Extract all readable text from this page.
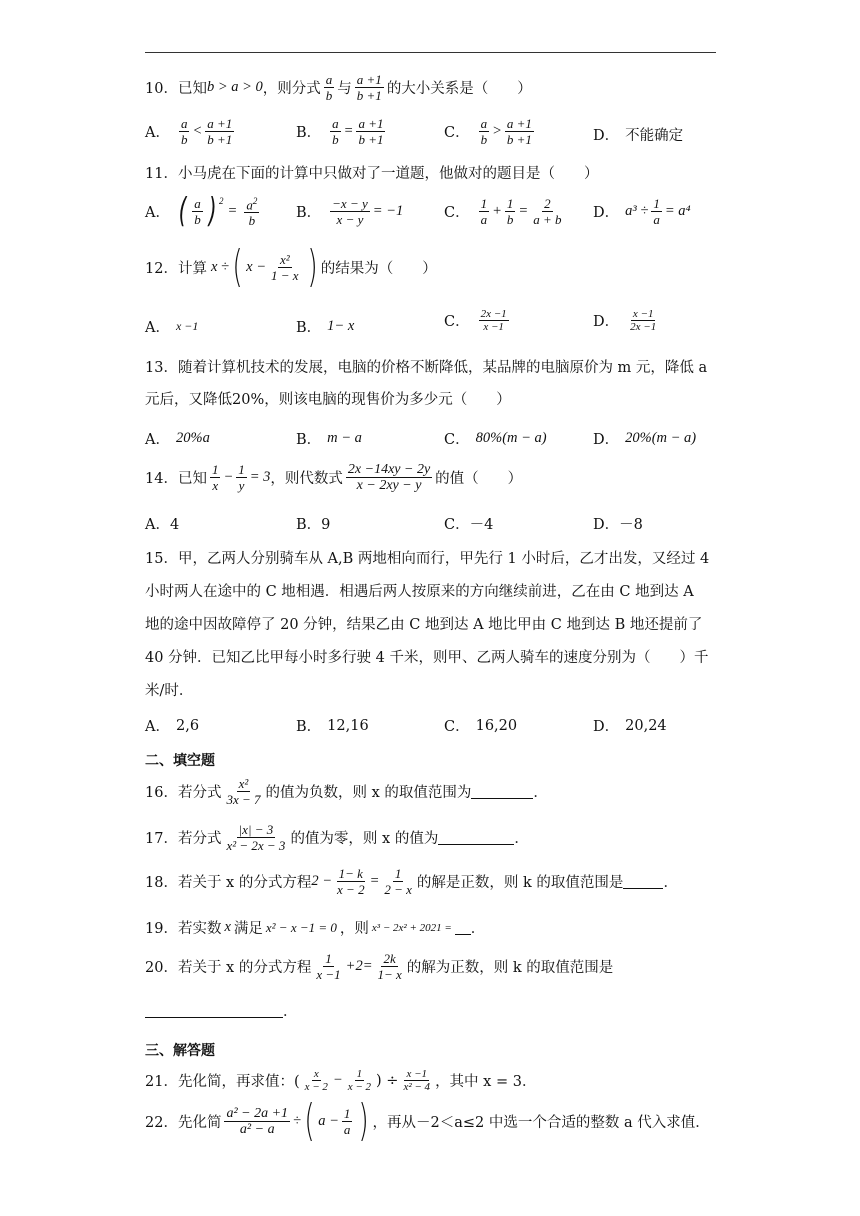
10．已知 b > a > 0 ，则分式 $\frac{a}{b}$ 与 $\frac{a +1}{b +1}$ 的大小关系是（　　）
A． $\frac{a}{b} < \frac{a +1}{b +1}$	B． $\frac{a}{b} = \frac{a +1}{b +1}$	C． $\frac{a}{b} > \frac{a +1}{b +1}$	D． 不能确定
11．小马虎在下面的计算中只做对了一道题，他做对的题目是（　　）
A． ( $\frac{a}{b}$ ) $^2$
= $\frac{a^2}{b}$	B． $\frac{-x - y}{x - y} = -1$	C． $\frac{1}{a} + \frac{1}{b} = \frac{2}{a + b}$ D． $a^3 \div \frac{1}{a} = a^4$
12．计算 x ÷ ( $x - \frac{\text{x²}}{1 - x}$ ) 的结果为（　　）
A． x −1	B． 1− x	C． $\frac{2x -1}{x -1}$	D． $\frac{x -1}{2x -1}$
13．随着计算机技术的发展，电脑的价格不断降低，某品牌的电脑原价为 m 元，降低 a
元后，又降低20%，则该电脑的现售价为多少元（　　）
A． 20%a	B． m − a	C． 80%(m − a)	D． 20%(m − a)
14．已知 $\frac{1}{x} - \frac{1}{y} = 3$ ，则代数式 $\frac{2x -14xy - 2y}{x - 2xy - y}$ 的值（　　）
A．4	B．9	C．－4	D．－8
15．甲，乙两人分别骑车从 A,B 两地相向而行，甲先行 1 小时后，乙才出发，又经过 4
小时两人在途中的 C 地相遇．相遇后两人按原来的方向继续前进，乙在由 C 地到达 A
地的途中因故障停了 20 分钟，结果乙由 C 地到达 A 地比甲由 C 地到达 B 地还提前了
40 分钟．已知乙比甲每小时多行驶 4 千米，则甲、乙两人骑车的速度分别为（　　）千
米/时．
A． 2,6	B． 12,16	C． 16,20	D． 20,24
二、填空题
16．若分式 $\frac{\text{x²}}{3x - 7}$ 的值为负数，则 x 的取值范围为	．
17．若分式 $\frac{|x| - 3}{\text{x² − 2x − 3}}$ 的值为零，则 x 的值为	．
18．若关于 x 的分式方程 $2 - \frac{1- k}{x - 2} = \frac{1}{2 - x}$ 的解是正数，则 k 的取值范围是	．
19．若实数 x 满足 x² − x −1 = 0 ，则 x³ − 2x² + 2021 = ．
20．若关于 x 的分式方程 $\frac{1}{x -1} +2= \frac{2k}{1- x}$ 的解为正数，则 k 的取值范围是
．
三、解答题
21．先化简，再求值：( $\frac{x}{x - 2} - \frac{1}{x - 2}$ ) ÷ $\frac{x -1}{\text{x² − 4}}$ ，其中 x = 3．
22．先化简 $\frac{\text{a² − 2a +1}}{\text{a² − a}}$ ÷ ( $a - \frac{1}{a}$ ) ，再从－2＜a≤2 中选一个合适的整数 a 代入求值．
